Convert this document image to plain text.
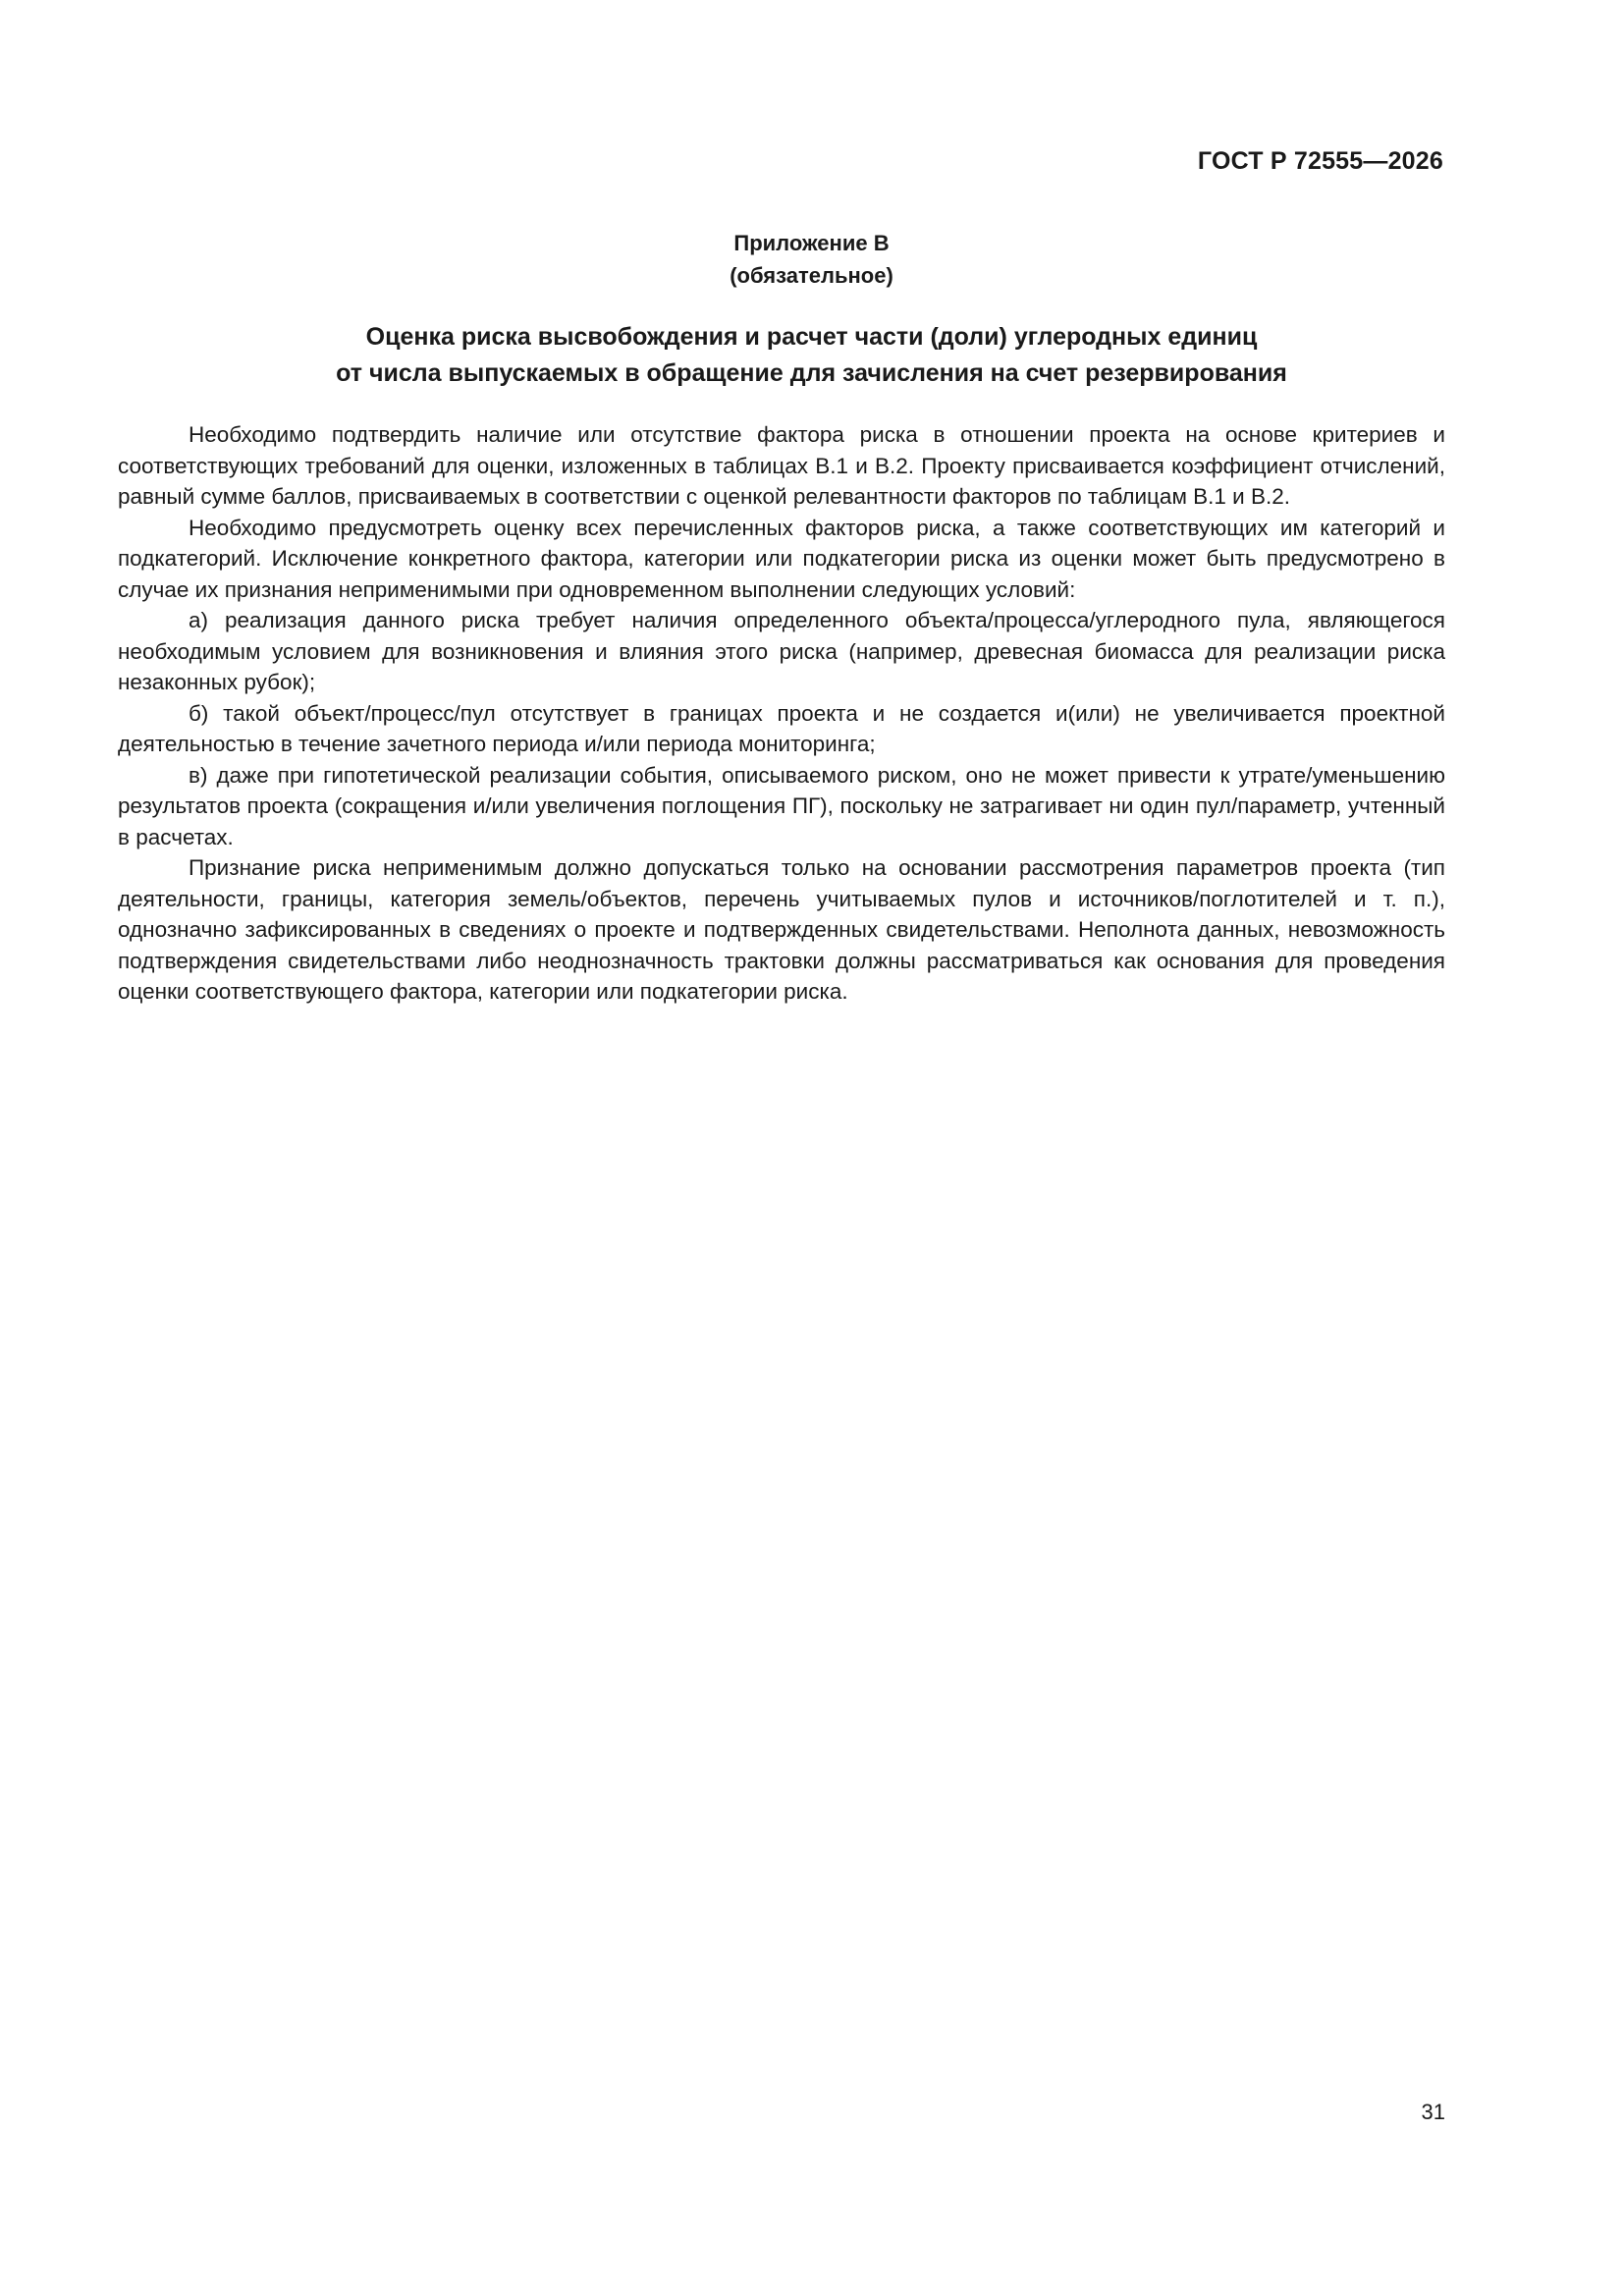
ГОСТ Р 72555—2026
Приложение В
(обязательное)
Оценка риска высвобождения и расчет части (доли) углеродных единиц
от числа выпускаемых в обращение для зачисления на счет резервирования

Необходимо подтвердить наличие или отсутствие фактора риска в отношении проекта на основе критериев и соответствующих требований для оценки, изложенных в таблицах В.1 и В.2. Проекту присваивается коэффициент отчислений, равный сумме баллов, присваиваемых в соответствии с оценкой релевантности факторов по таблицам В.1 и В.2.

Необходимо предусмотреть оценку всех перечисленных факторов риска, а также соответствующих им категорий и подкатегорий. Исключение конкретного фактора, категории или подкатегории риска из оценки может быть предусмотрено в случае их признания неприменимыми при одновременном выполнении следующих условий:

а) реализация данного риска требует наличия определенного объекта/процесса/углеродного пула, являющегося необходимым условием для возникновения и влияния этого риска (например, древесная биомасса для реализации риска незаконных рубок);

б) такой объект/процесс/пул отсутствует в границах проекта и не создается и(или) не увеличивается проектной деятельностью в течение зачетного периода и/или периода мониторинга;

в) даже при гипотетической реализации события, описываемого риском, оно не может привести к утрате/уменьшению результатов проекта (сокращения и/или увеличения поглощения ПГ), поскольку не затрагивает ни один пул/параметр, учтенный в расчетах.

Признание риска неприменимым должно допускаться только на основании рассмотрения параметров проекта (тип деятельности, границы, категория земель/объектов, перечень учитываемых пулов и источников/поглотителей и т. п.), однозначно зафиксированных в сведениях о проекте и подтвержденных свидетельствами. Неполнота данных, невозможность подтверждения свидетельствами либо неоднозначность трактовки должны рассматриваться как основания для проведения оценки соответствующего фактора, категории или подкатегории риска.

31
